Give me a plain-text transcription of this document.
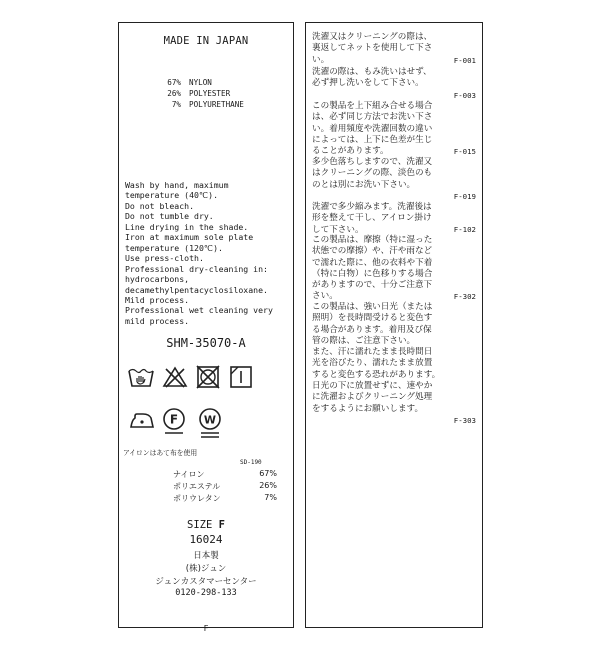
MADE IN JAPAN
67% NYLON
26% POLYESTER
7% POLYURETHANE
Wash by hand, maximum
temperature (40℃).
Do not bleach.
Do not tumble dry.
Line drying in the shade.
Iron at maximum sole plate
temperature (120℃).
Use press-cloth.
Professional dry-cleaning in:
hydrocarbons,
decamethylpentacyclosiloxane.
Mild process.
Professional wet cleaning very
mild process.
SHM-35070-A
F W
アイロンはあて布を使用
SD-190
ナイロン	67%
ポリエステル	26%
ポリウレタン	7%
SIZE F
16024
日本製
(株)ジュン
ジュンカスタマーセンター
0120-298-133
F
洗濯又はクリーニングの際は、
裏返してネットを使用して下さ
い。	F-001
洗濯の際は、もみ洗いはせず、
必ず押し洗いをして下さい。
F-003
この製品を上下組み合せる場合
は、必ず同じ方法でお洗い下さ
い。着用頻度や洗濯回数の違い
によっては、上下に色差が生じ
ることがあります。	F-015
多少色落ちしますので、洗濯又
はクリーニングの際、淡色のも
のとは別にお洗い下さい。
F-019
洗濯で多少縮みます。洗濯後は
形を整えて干し、アイロン掛け
して下さい。	F-102
この製品は、摩擦（特に湿った
状態での摩擦）や、汗や雨など
で濡れた際に、他の衣料や下着
（特に白物）に色移りする場合
がありますので、十分ご注意下
さい。	F-302
この製品は、強い日光（または
照明）を長時間受けると変色す
る場合があります。着用及び保
管の際は、ご注意下さい。
また、汗に濡れたまま長時間日
光を浴びたり、濡れたまま放置
すると変色する恐れがあります。
日光の下に放置せずに、速やか
に洗濯およびクリーニング処理
をするようにお願いします。
F-303
